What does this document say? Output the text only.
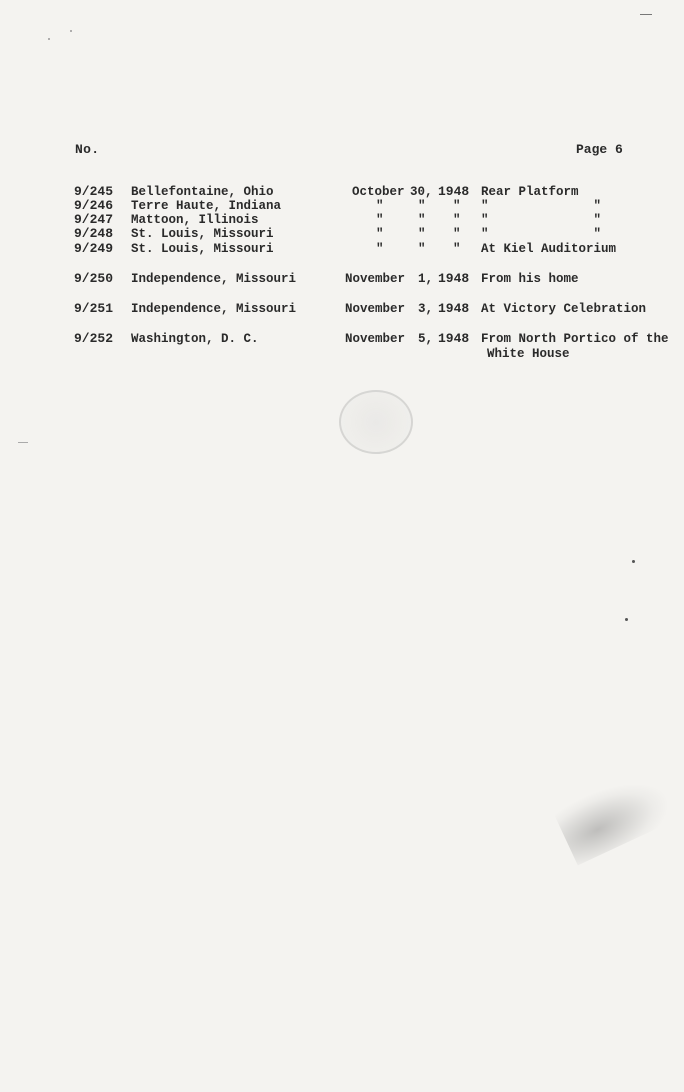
No.	Page 6
9/245 Bellefontaine, Ohio	October 30, 1948 Rear Platform
9/246 Terre Haute, Indiana	"	" " "              "
9/247 Mattoon, Illinois	"	" " "              "
9/248 St. Louis, Missouri	"	" " "              "
9/249 St. Louis, Missouri	"	" " At Kiel Auditorium
9/250 Independence, Missouri	November 1, 1948 From his home
9/251 Independence, Missouri	November 3, 1948 At Victory Celebration
9/252 Washington, D. C.	November 5, 1948 From North Portico of the
White House
